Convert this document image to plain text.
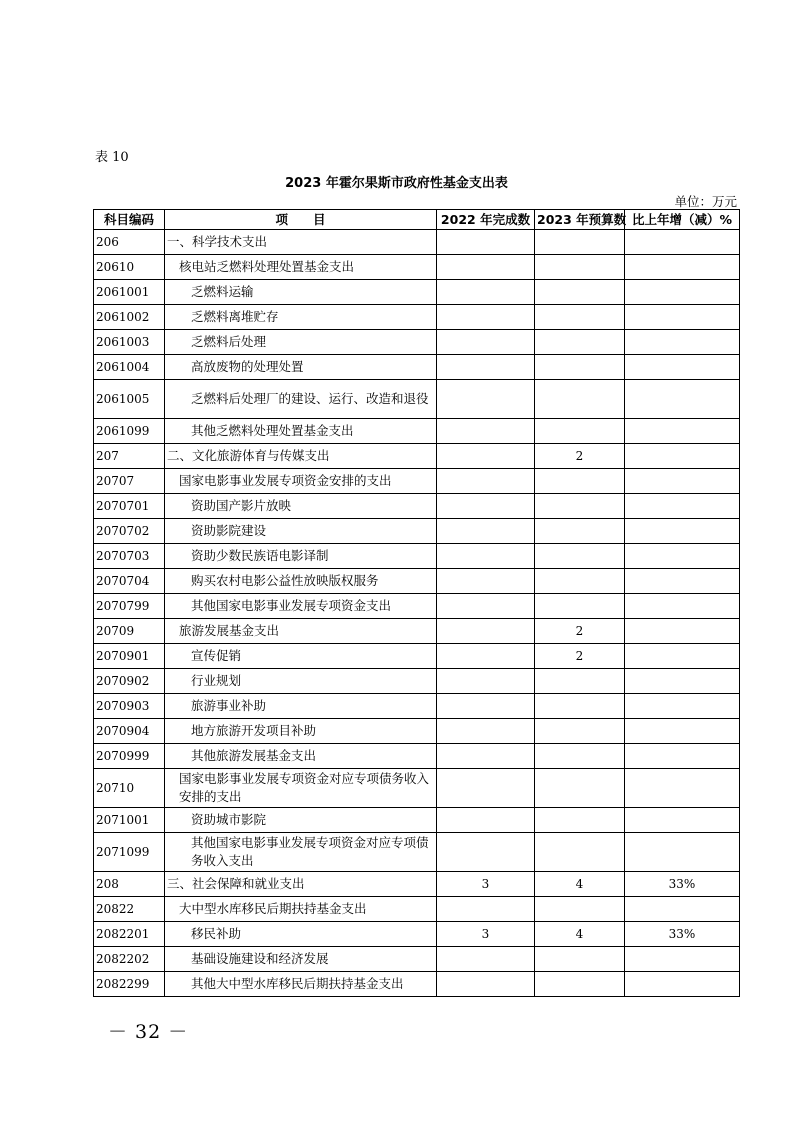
表 10
2023 年霍尔果斯市政府性基金支出表
单位：万元
科目编码	项　　目	2022 年完成数	2023 年预算数	比上年增（减）%
206	一、科学技术支出			
20610	核电站乏燃料处理处置基金支出			
2061001	乏燃料运输			
2061002	乏燃料离堆贮存			
2061003	乏燃料后处理			
2061004	高放废物的处理处置			
2061005	乏燃料后处理厂的建设、运行、改造和退役			
2061099	其他乏燃料处理处置基金支出			
207	二、文化旅游体育与传媒支出		2	
20707	国家电影事业发展专项资金安排的支出			
2070701	资助国产影片放映			
2070702	资助影院建设			
2070703	资助少数民族语电影译制			
2070704	购买农村电影公益性放映版权服务			
2070799	其他国家电影事业发展专项资金支出			
20709	旅游发展基金支出		2	
2070901	宣传促销		2	
2070902	行业规划			
2070903	旅游事业补助			
2070904	地方旅游开发项目补助			
2070999	其他旅游发展基金支出			
20710	国家电影事业发展专项资金对应专项债务收入安排的支出			
2071001	资助城市影院			
2071099	其他国家电影事业发展专项资金对应专项债务收入支出			
208	三、社会保障和就业支出	3	4	33%
20822	大中型水库移民后期扶持基金支出			
2082201	移民补助	3	4	33%
2082202	基础设施建设和经济发展			
2082299	其他大中型水库移民后期扶持基金支出			
－ 32 －
